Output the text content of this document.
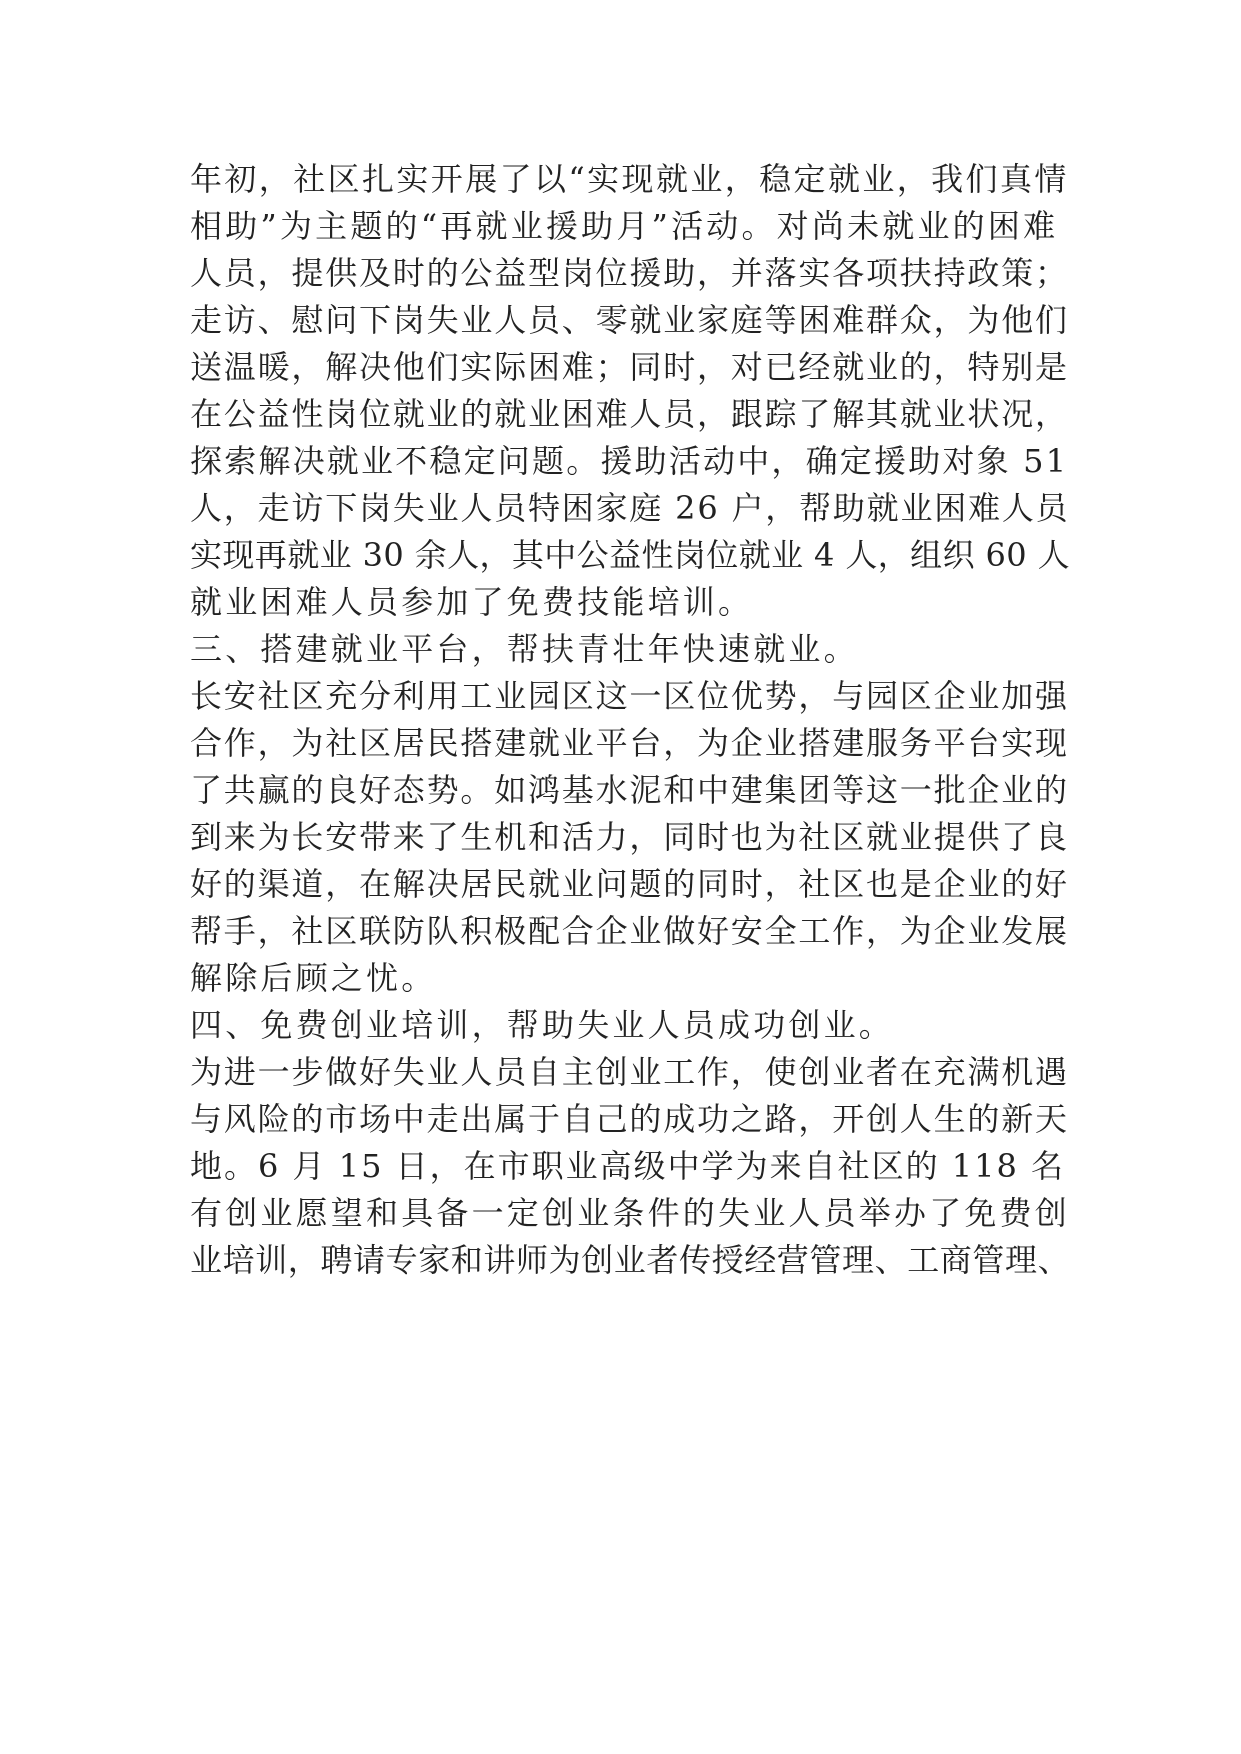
年初，社区扎实开展了以“实现就业，稳定就业，我们真情
相助”为主题的“再就业援助月”活动。对尚未就业的困难
人员，提供及时的公益型岗位援助，并落实各项扶持政策；
走访、慰问下岗失业人员、零就业家庭等困难群众，为他们
送温暖，解决他们实际困难；同时，对已经就业的，特别是
在公益性岗位就业的就业困难人员，跟踪了解其就业状况，
探索解决就业不稳定问题。援助活动中，确定援助对象 51
人，走访下岗失业人员特困家庭 26 户，帮助就业困难人员
实现再就业 30 余人，其中公益性岗位就业 4 人，组织 60 人
就业困难人员参加了免费技能培训。
三、搭建就业平台，帮扶青壮年快速就业。
长安社区充分利用工业园区这一区位优势，与园区企业加强
合作，为社区居民搭建就业平台，为企业搭建服务平台实现
了共赢的良好态势。如鸿基水泥和中建集团等这一批企业的
到来为长安带来了生机和活力，同时也为社区就业提供了良
好的渠道，在解决居民就业问题的同时，社区也是企业的好
帮手，社区联防队积极配合企业做好安全工作，为企业发展
解除后顾之忧。
四、免费创业培训，帮助失业人员成功创业。
为进一步做好失业人员自主创业工作，使创业者在充满机遇
与风险的市场中走出属于自己的成功之路，开创人生的新天
地。6 月 15 日，在市职业高级中学为来自社区的 118 名
有创业愿望和具备一定创业条件的失业人员举办了免费创
业培训，聘请专家和讲师为创业者传授经营管理、工商管理、
